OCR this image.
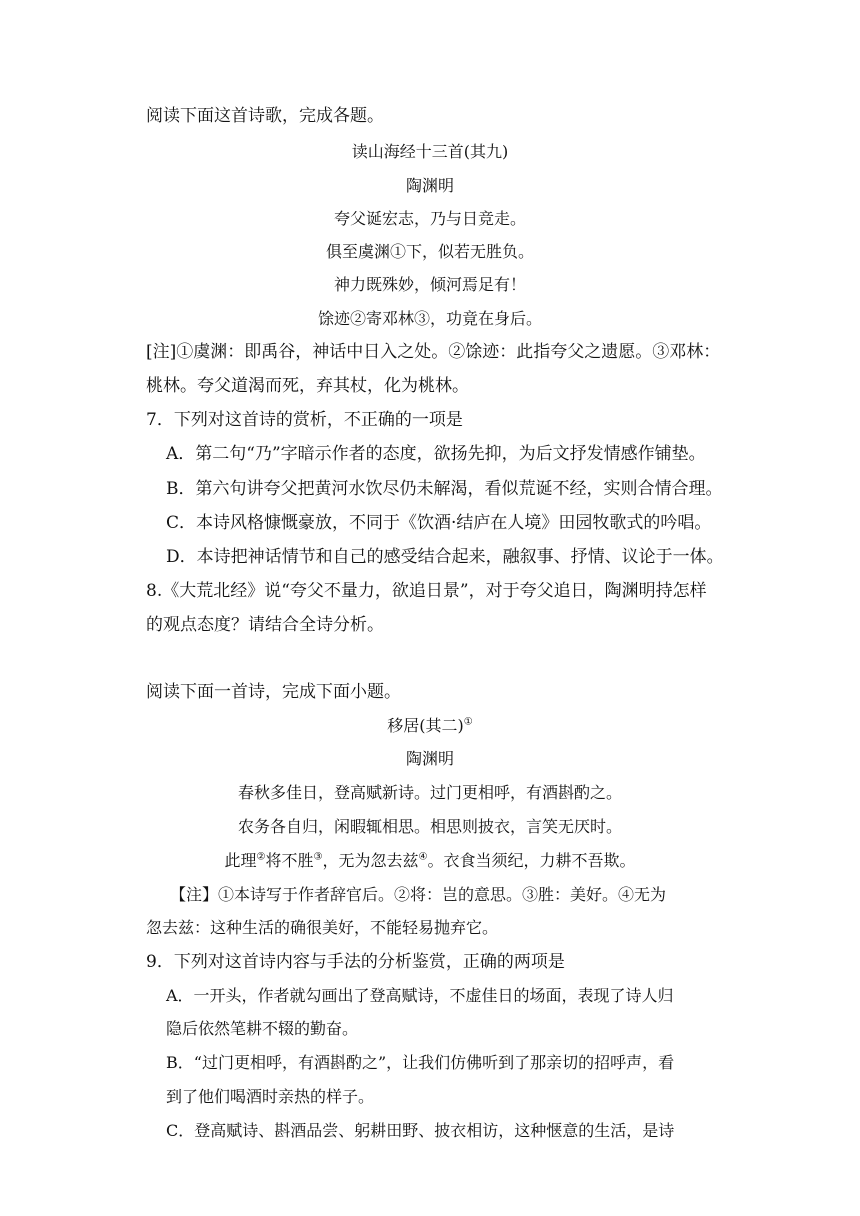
阅读下面这首诗歌，完成各题。
读山海经十三首(其九)
陶渊明
夸父诞宏志，乃与日竞走。
俱至虞渊①下，似若无胜负。
神力既殊妙，倾河焉足有！
馀迹②寄邓林③，功竟在身后。
[注]①虞渊：即禹谷，神话中日入之处。②馀迹：此指夸父之遗愿。③邓林：
桃林。夸父道渴而死，弃其杖，化为桃林。
7．下列对这首诗的赏析，不正确的一项是
A．第二句“乃”字暗示作者的态度，欲扬先抑，为后文抒发情感作铺垫。
B．第六句讲夸父把黄河水饮尽仍未解渴，看似荒诞不经，实则合情合理。
C．本诗风格慷慨豪放，不同于《饮酒·结庐在人境》田园牧歌式的吟唱。
D．本诗把神话情节和自己的感受结合起来，融叙事、抒情、议论于一体。
8.《大荒北经》说“夸父不量力，欲追日景”，对于夸父追日，陶渊明持怎样
的观点态度？请结合全诗分析。
阅读下面一首诗，完成下面小题。
移居(其二)①
陶渊明
春秋多佳日，登高赋新诗。过门更相呼，有酒斟酌之。
农务各自归，闲暇辄相思。相思则披衣，言笑无厌时。
此理②将不胜③，无为忽去兹④。衣食当须纪，力耕不吾欺。
【注】①本诗写于作者辞官后。②将：岂的意思。③胜：美好。④无为
忽去兹：这种生活的确很美好，不能轻易抛弃它。
9．下列对这首诗内容与手法的分析鉴赏，正确的两项是
A．一开头，作者就勾画出了登高赋诗，不虚佳日的场面，表现了诗人归
隐后依然笔耕不辍的勤奋。
B．“过门更相呼，有酒斟酌之”，让我们仿佛听到了那亲切的招呼声，看
到了他们喝酒时亲热的样子。
C．登高赋诗、斟酒品尝、躬耕田野、披衣相访，这种惬意的生活，是诗
